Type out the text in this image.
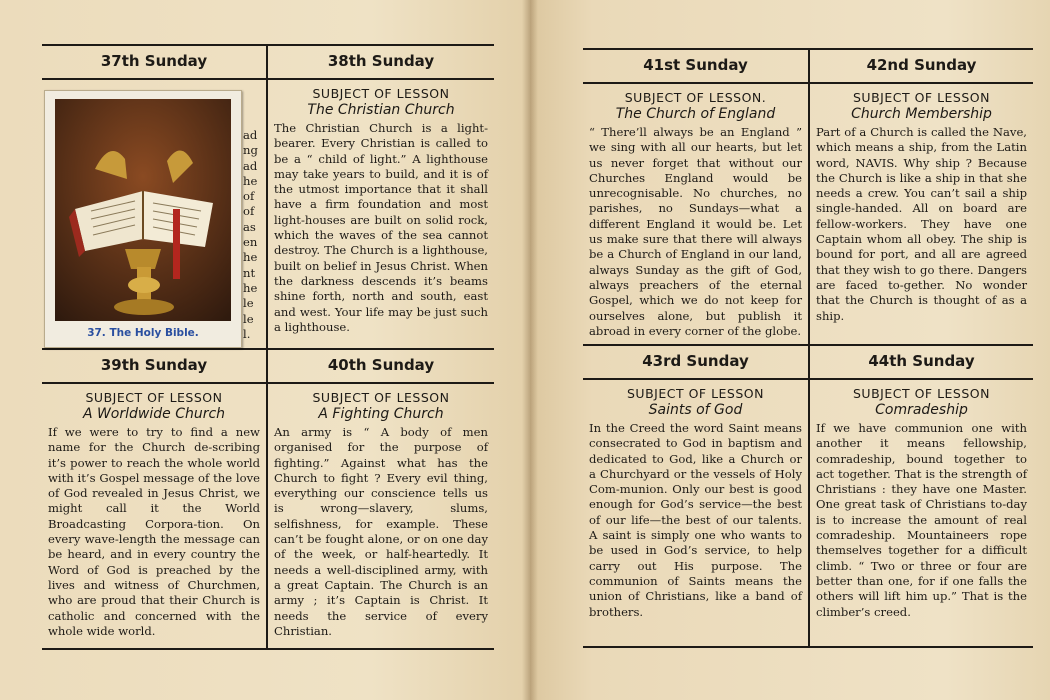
37th Sunday
ad
ng
ad
he
of
of
as
en
he
nt
he
le
le
l.
37. The Holy Bible.
38th Sunday
SUBJECT OF LESSON
The Christian Church
The Christian Church is a light-bearer. Every Christian is called to be a “ child of light.” A lighthouse may take years to build, and it is of the utmost importance that it shall have a firm foundation and most light-houses are built on solid rock, which the waves of the sea cannot destroy. The Church is a lighthouse, built on belief in Jesus Christ. When the darkness descends it’s beams shine forth, north and south, east and west. Your life may be just such a lighthouse.
39th Sunday
SUBJECT OF LESSON
A Worldwide Church
If we were to try to find a new name for the Church de-scribing it’s power to reach the whole world with it’s Gospel message of the love of God revealed in Jesus Christ, we might call it the World Broadcasting Corpora-tion. On every wave-length the message can be heard, and in every country the Word of God is preached by the lives and witness of Churchmen, who are proud that their Church is catholic and concerned with the whole wide world.
40th Sunday
SUBJECT OF LESSON
A Fighting Church
An army is “ A body of men organised for the purpose of fighting.” Against what has the Church to fight ? Every evil thing, everything our conscience tells us is wrong—slavery, slums, selfishness, for example. These can’t be fought alone, or on one day of the week, or half-heartedly. It needs a well-disciplined army, with a great Captain. The Church is an army ; it’s Captain is Christ. It needs the service of every Christian.
41st Sunday
SUBJECT OF LESSON.
The Church of England
“ There’ll always be an England ” we sing with all our hearts, but let us never forget that without our Churches England would be unrecognisable. No churches, no parishes, no Sundays—what a different England it would be. Let us make sure that there will always be a Church of England in our land, always Sunday as the gift of God, always preachers of the eternal Gospel, which we do not keep for ourselves alone, but publish it abroad in every corner of the globe.
42nd Sunday
SUBJECT OF LESSON
Church Membership
Part of a Church is called the Nave, which means a ship, from the Latin word, NAVIS. Why ship ? Because the Church is like a ship in that she needs a crew. You can’t sail a ship single-handed. All on board are fellow-workers. They have one Captain whom all obey. The ship is bound for port, and all are agreed that they wish to go there. Dangers are faced to-gether. No wonder that the Church is thought of as a ship.
43rd Sunday
SUBJECT OF LESSON
Saints of God
In the Creed the word Saint means consecrated to God in baptism and dedicated to God, like a Church or a Churchyard or the vessels of Holy Com-munion. Only our best is good enough for God’s service—the best of our life—the best of our talents. A saint is simply one who wants to be used in God’s service, to help carry out His purpose. The communion of Saints means the union of Christians, like a band of brothers.
44th Sunday
SUBJECT OF LESSON
Comradeship
If we have communion one with another it means fellowship, comradeship, bound together to act together. That is the strength of Christians : they have one Master. One great task of Christians to-day is to increase the amount of real comradeship. Mountaineers rope themselves together for a difficult climb. “ Two or three or four are better than one, for if one falls the others will lift him up.” That is the climber’s creed.
